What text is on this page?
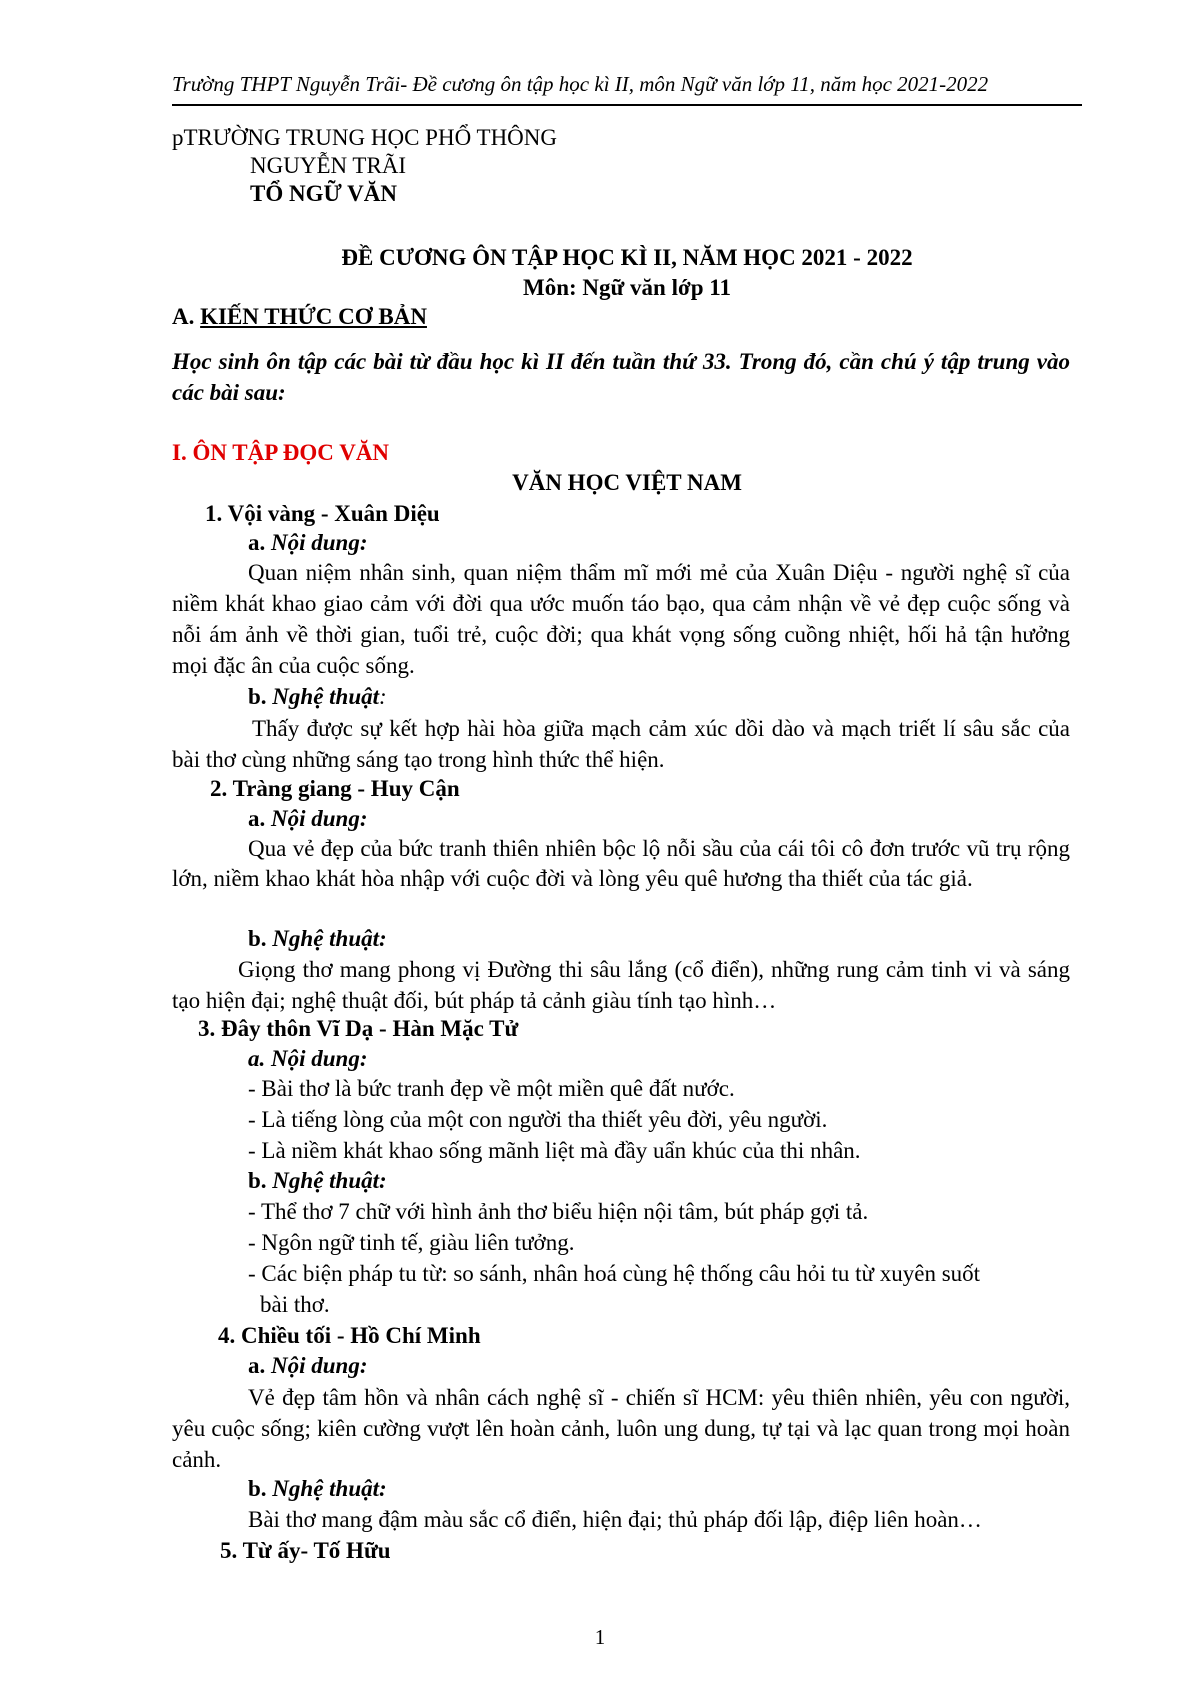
Trường THPT Nguyễn Trãi- Đề cương ôn tập học kì II, môn Ngữ văn lớp 11, năm học 2021-2022
pTRƯỜNG TRUNG HỌC PHỔ THÔNG
NGUYỄN TRÃI
TỔ NGỮ VĂN
ĐỀ CƯƠNG ÔN TẬP HỌC KÌ II, NĂM HỌC 2021 - 2022
Môn: Ngữ văn lớp 11
A. KIẾN THỨC CƠ BẢN
Học sinh ôn tập các bài từ đầu học kì II đến tuần thứ 33. Trong đó, cần chú ý tập trung vào các bài sau:
I. ÔN TẬP ĐỌC VĂN
VĂN HỌC VIỆT NAM
1. Vội vàng - Xuân Diệu
a. Nội dung:
Quan niệm nhân sinh, quan niệm thẩm mĩ mới mẻ của Xuân Diệu - người nghệ sĩ của niềm khát khao giao cảm với đời qua ước muốn táo bạo, qua cảm nhận về vẻ đẹp cuộc sống và nỗi ám ảnh về thời gian, tuổi trẻ, cuộc đời; qua khát vọng sống cuồng nhiệt, hối hả tận hưởng mọi đặc ân của cuộc sống.
b. Nghệ thuật:
Thấy được sự kết hợp hài hòa giữa mạch cảm xúc dồi dào và mạch triết lí sâu sắc của bài thơ cùng những sáng tạo trong hình thức thể hiện.
2. Tràng giang - Huy Cận
a. Nội dung:
Qua vẻ đẹp của bức tranh thiên nhiên bộc lộ nỗi sầu của cái tôi cô đơn trước vũ trụ rộng lớn, niềm khao khát hòa nhập với cuộc đời và lòng yêu quê hương tha thiết của tác giả.
b. Nghệ thuật:
Giọng thơ mang phong vị Đường thi sâu lắng (cổ điển), những rung cảm tinh vi và sáng tạo hiện đại; nghệ thuật đối, bút pháp tả cảnh giàu tính tạo hình…
3. Đây thôn Vĩ Dạ - Hàn Mặc Tử
a. Nội dung:
- Bài thơ là bức tranh đẹp về một miền quê đất nước.
- Là tiếng lòng của một con người tha thiết yêu đời, yêu người.
- Là niềm khát khao sống mãnh liệt mà đầy uẩn khúc của thi nhân.
b. Nghệ thuật:
- Thể thơ 7 chữ với hình ảnh thơ biểu hiện nội tâm, bút pháp gợi tả.
- Ngôn ngữ tinh tế, giàu liên tưởng.
- Các biện pháp tu từ: so sánh, nhân hoá cùng hệ thống câu hỏi tu từ xuyên suốt
bài thơ.
4. Chiều tối - Hồ Chí Minh
a. Nội dung:
Vẻ đẹp tâm hồn và nhân cách nghệ sĩ - chiến sĩ HCM: yêu thiên nhiên, yêu con người, yêu cuộc sống; kiên cường vượt lên hoàn cảnh, luôn ung dung, tự tại và lạc quan trong mọi hoàn cảnh.
b. Nghệ thuật:
Bài thơ mang đậm màu sắc cổ điển, hiện đại; thủ pháp đối lập, điệp liên hoàn…
5. Từ ấy- Tố Hữu
1
